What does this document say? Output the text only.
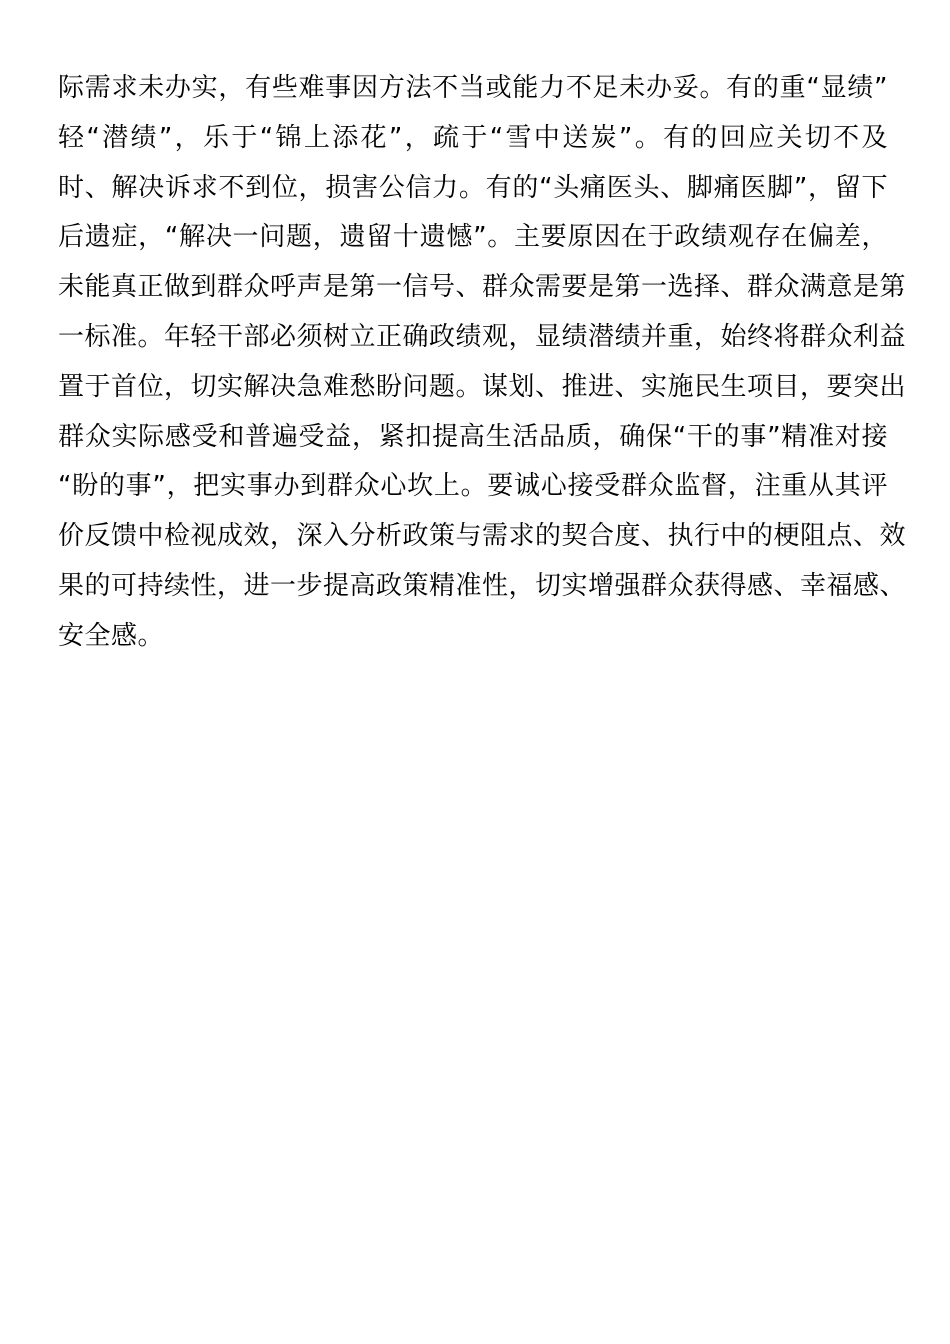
际需求未办实，有些难事因方法不当或能力不足未办妥。有的重“显绩”
轻“潜绩”，乐于“锦上添花”，疏于“雪中送炭”。有的回应关切不及
时、解决诉求不到位，损害公信力。有的“头痛医头、脚痛医脚”，留下
后遗症，“解决一问题，遗留十遗憾”。主要原因在于政绩观存在偏差，
未能真正做到群众呼声是第一信号、群众需要是第一选择、群众满意是第
一标准。年轻干部必须树立正确政绩观，显绩潜绩并重，始终将群众利益
置于首位，切实解决急难愁盼问题。谋划、推进、实施民生项目，要突出
群众实际感受和普遍受益，紧扣提高生活品质，确保“干的事”精准对接
“盼的事”，把实事办到群众心坎上。要诚心接受群众监督，注重从其评
价反馈中检视成效，深入分析政策与需求的契合度、执行中的梗阻点、效
果的可持续性，进一步提高政策精准性，切实增强群众获得感、幸福感、
安全感。
